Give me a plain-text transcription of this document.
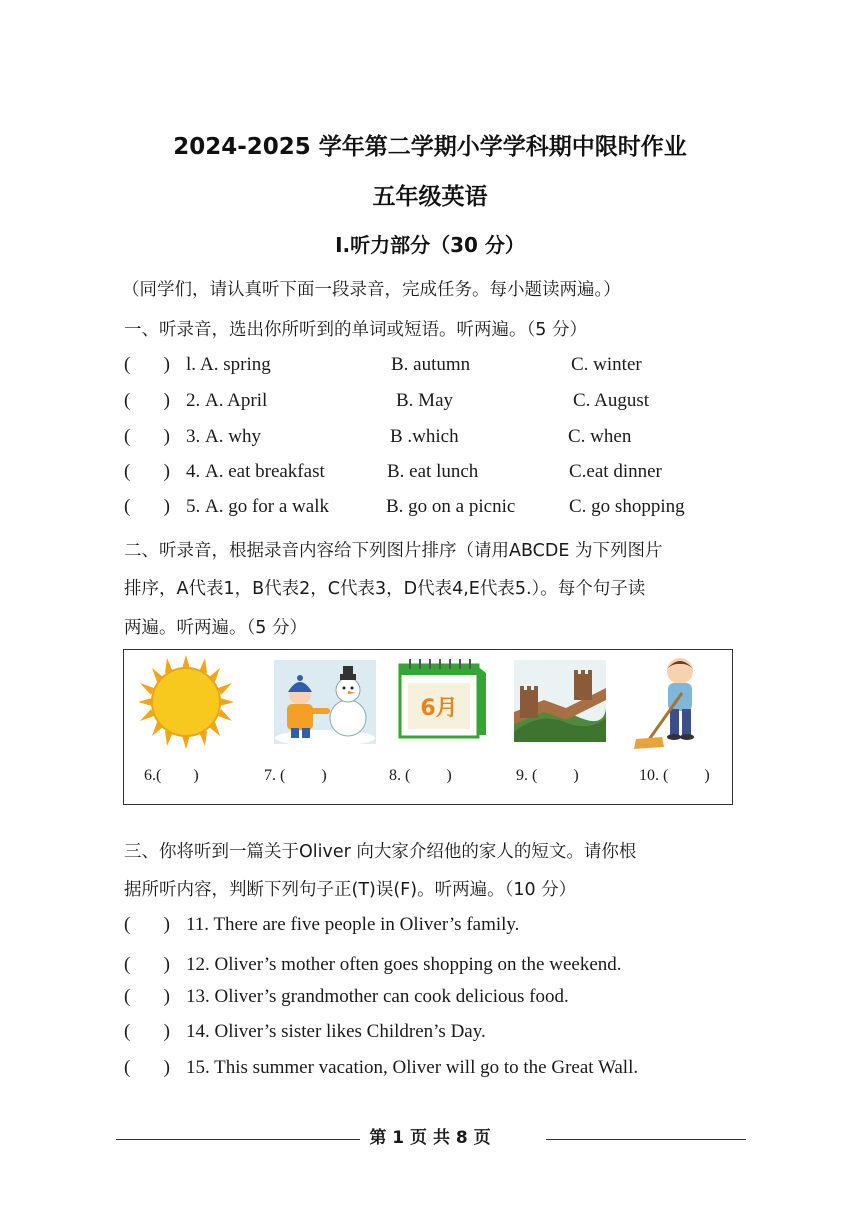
2024-2025 学年第二学期小学学科期中限时作业
五年级英语
Ⅰ.听力部分（30 分）
（同学们，请认真听下面一段录音，完成任务。每小题读两遍。）
一、听录音，选出你所听到的单词或短语。听两遍。（5 分）
(       ) l. A. spring	B. autumn	C. winter
(       ) 2. A. April	B. May	C. August
(       ) 3. A. why	B .which	C. when
(       ) 4. A. eat breakfast	B. eat lunch	C.eat dinner
(       ) 5. A. go for a walk	B. go on a picnic	C. go shopping
二、听录音，根据录音内容给下列图片排序（请用ABCDE 为下列图片
排序，A代表1，B代表2，C代表3，D代表4,E代表5.）。每个句子读
两遍。听两遍。（5 分）
6月
6.(        )	7. (         )	8. (         )	9. (         )	10. (         )
三、你将听到一篇关于Oliver 向大家介绍他的家人的短文。请你根
据所听内容，判断下列句子正(T)误(F)。听两遍。（10 分）
(       ) 11. There are five people in Oliver’s family.
(       ) 12. Oliver’s mother often goes shopping on the weekend.
(       ) 13. Oliver’s grandmother can cook delicious food.
(       ) 14. Oliver’s sister likes Children’s Day.
(       ) 15. This summer vacation, Oliver will go to the Great Wall.
第 1 页 共 8 页
